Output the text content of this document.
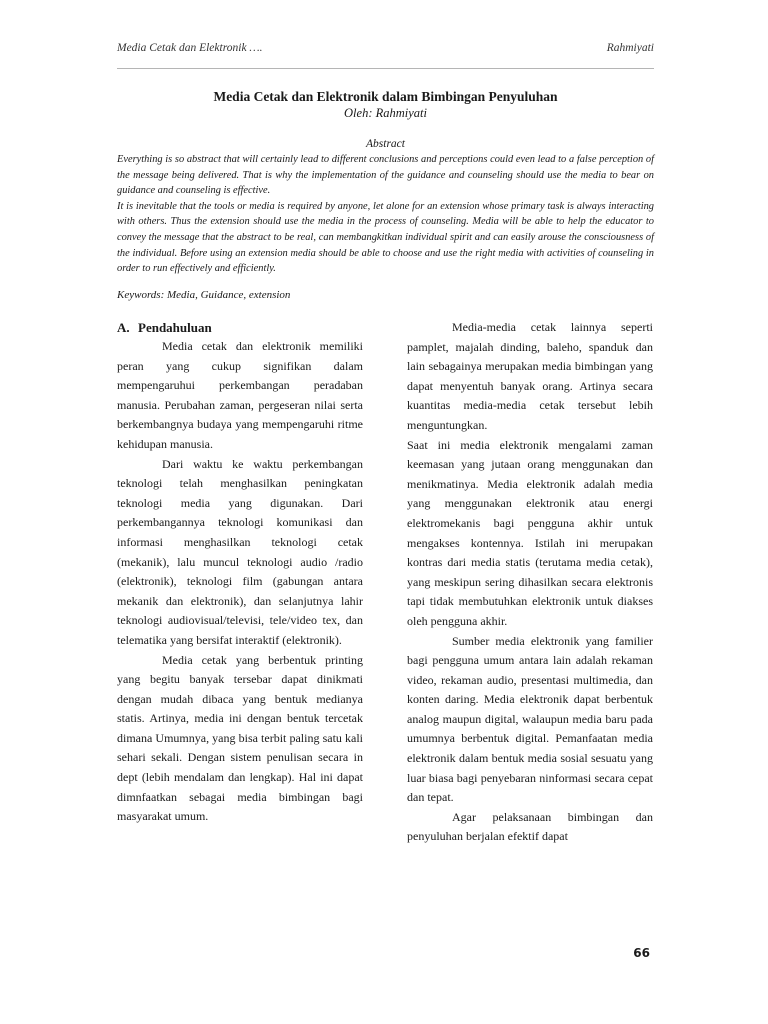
Media Cetak dan Elektronik ….	Rahmiyati

Media Cetak dan Elektronik dalam Bimbingan Penyuluhan

Oleh: Rahmiyati

Abstract

Everything is so abstract that will certainly lead to different conclusions and perceptions could even lead to a false perception of the message being delivered. That is why the implementation of the guidance and counseling should use the media to bear on guidance and counseling is effective.

It is inevitable that the tools or media is required by anyone, let alone for an extension whose primary task is always interacting with others. Thus the extension should use the media in the process of counseling. Media will be able to help the educator to convey the message that the abstract to be real, can membangkitkan individual spirit and can easily arouse the consciousness of the individual. Before using an extension media should be able to choose and use the right media with activities of counseling in order to run effectively and efficiently.

Keywords: Media, Guidance, extension
A. Pendahuluan

Media cetak dan elektronik memiliki peran yang cukup signifikan dalam mempengaruhui perkembangan peradaban manusia. Perubahan zaman, pergeseran nilai serta berkembangnya budaya yang mempengaruhi ritme kehidupan manusia.

Dari waktu ke waktu perkembangan teknologi telah menghasilkan peningkatan teknologi media yang digunakan. Dari perkembangannya teknologi komunikasi dan informasi menghasilkan teknologi cetak (mekanik), lalu muncul teknologi audio /radio (elektronik), teknologi film (gabungan antara mekanik dan elektronik), dan selanjutnya lahir teknologi audiovisual/televisi, tele/video tex, dan telematika yang bersifat interaktif (elektronik).

Media cetak yang berbentuk printing yang begitu banyak tersebar dapat dinikmati dengan mudah dibaca yang bentuk medianya statis. Artinya, media ini dengan bentuk tercetak dimana Umumnya, yang bisa terbit paling satu kali sehari sekali. Dengan sistem penulisan secara in dept (lebih mendalam dan lengkap). Hal ini dapat dimnfaatkan sebagai media bimbingan bagi masyarakat umum.

Media-media cetak lainnya seperti pamplet, majalah dinding, baleho, spanduk dan lain sebagainya merupakan media bimbingan yang dapat menyentuh banyak orang. Artinya secara kuantitas media-media cetak tersebut lebih menguntungkan.

Saat ini media elektronik mengalami zaman keemasan yang jutaan orang menggunakan dan menikmatinya. Media elektronik adalah media yang menggunakan elektronik atau energi elektromekanis bagi pengguna akhir untuk mengakses kontennya. Istilah ini merupakan kontras dari media statis (terutama media cetak), yang meskipun sering dihasilkan secara elektronis tapi tidak membutuhkan elektronik untuk diakses oleh pengguna akhir.

Sumber media elektronik yang familier bagi pengguna umum antara lain adalah rekaman video, rekaman audio, presentasi multimedia, dan konten daring. Media elektronik dapat berbentuk analog maupun digital, walaupun media baru pada umumnya berbentuk digital. Pemanfaatan media elektronik dalam bentuk media sosial sesuatu yang luar biasa bagi penyebaran ninformasi secara cepat dan tepat.

Agar pelaksanaan bimbingan dan penyuluhan berjalan efektif dapat

66
